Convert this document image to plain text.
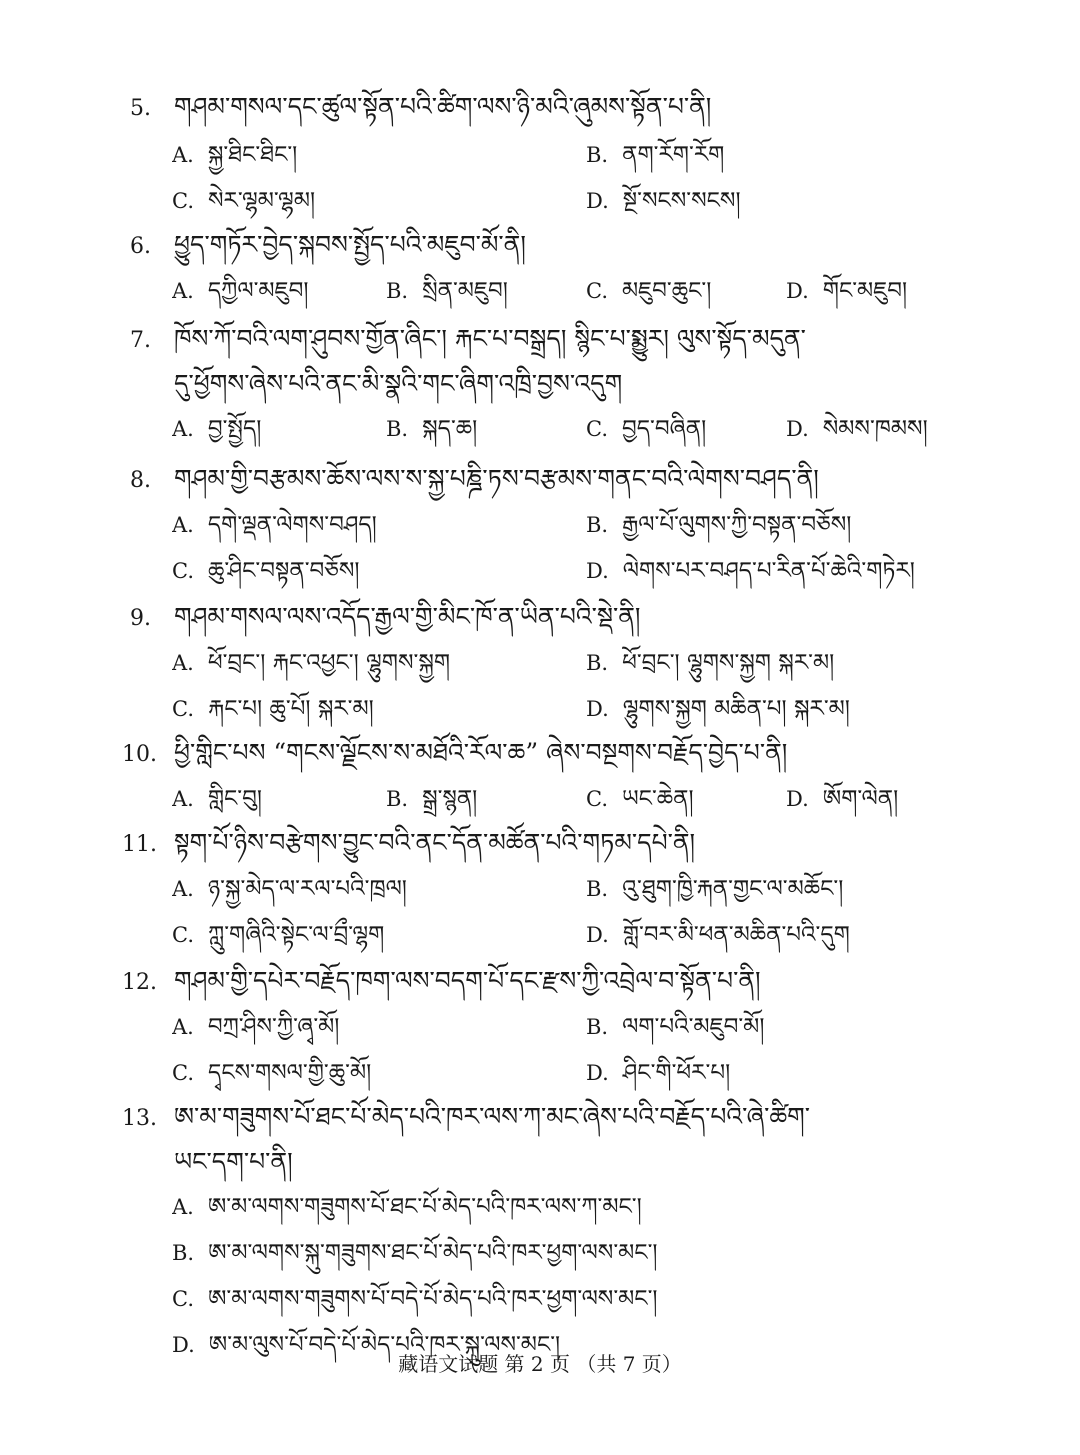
5. གཤམ་གསལ་དང་ཚུལ་སྟོན་པའི་ཚིག་ལས་ཉི་མའི་ཞུམས་སྟོན་པ་ནི།
A. སྐྱ་ཐིང་ཐིང་།	B. ནག་རོག་རོག
C. སེར་ལྷམ་ལྷམ།	D. སྔོ་སངས་སངས།
6. ཕྱུད་གཏོར་བྱེད་སྐབས་སྤྱོད་པའི་མཇུབ་མོ་ནི།
A. དཀྱིལ་མཇུབ།	B. སྲིན་མཇུབ།	C. མཇུབ་ཆུང་།	D. གོང་མཇུབ།
7. ཁོས་ཀོ་བའི་ལག་ཤུབས་གྱོན་ཞིང་། རྐང་པ་བསྒྲད། སྙིང་པ་སྨྱུར། ལུས་སྟོད་མདུན་
དུ་ཕྱོགས་ཞེས་པའི་ནང་མི་སྣའི་གང་ཞིག་འཁྲི་བྱས་འདུག
A. བྱ་སྤྱོད།	B. སྐད་ཆ།	C. བྱད་བཞིན།	D. སེམས་ཁམས།
8. གཤམ་གྱི་བརྩམས་ཆོས་ལས་ས་སྐྱ་པཎྜི་ཏས་བརྩམས་གནང་བའི་ལེགས་བཤད་ནི།
A. དགེ་ལྡན་ལེགས་བཤད།	B. རྒྱལ་པོ་ལུགས་ཀྱི་བསྟན་བཅོས།
C. ཆུ་ཤིང་བསྟན་བཅོས།	D. ལེགས་པར་བཤད་པ་རིན་པོ་ཆེའི་གཏེར།
9. གཤམ་གསལ་ལས་འདོད་རྒྱལ་གྱི་མིང་ཁོ་ན་ཡིན་པའི་སྡེ་ནི།
A. ཕོ་བྲང་། རྐང་འཕྱང་། ལྷུགས་སྐྱག	B. ཕོ་བྲང་། ལྷུགས་སྐྱག སྐར་མ།
C. རྐང་པ། ཆུ་པོ། སྐར་མ།	D. ལྷུགས་སྐྱག མཆིན་པ། སྐར་མ།
10. ཕྱི་གླིང་པས “གངས་ལྗོངས་ས་མཐོའི་རོལ་ཆ” ཞེས་བསྔགས་བརྗོད་བྱེད་པ་ནི།
A. གླིང་བུ།	B. སྒྲ་སྙན།	C. ཡང་ཆེན།	D. ཨོག་ལེན།
11. སྟག་པོ་ཉིས་བརྩེགས་བྱུང་བའི་ནང་དོན་མཚོན་པའི་གཏམ་དཔེ་ནི།
A. ཉ་སྐྱ་མེད་ལ་རལ་པའི་ཁྲལ།	B. འུ་ཐུག་ཁྱི་རྐན་གྱང་ལ་མཆོང་།
C. ཀླུ་གཞིའི་སྟེང་ལ་བྲྀ་ལྷག	D. གློ་བར་མི་ཕན་མཆིན་པའི་དུག
12. གཤམ་གྱི་དཔེར་བརྗོད་ཁག་ལས་བདག་པོ་དང་རྫས་ཀྱི་འབྲེལ་བ་སྟོན་པ་ནི།
A. བཀྲ་ཤིས་ཀྱི་ཞྭ་མོ།	B. ལག་པའི་མཇུབ་མོ།
C. དྭངས་གསལ་གྱི་ཆུ་མོ།	D. ཤིང་གི་ཕོར་པ།
13. ཨ་མ་གཟུགས་པོ་ཐང་པོ་མེད་པའི་ཁར་ལས་ཀ་མང་ཞེས་པའི་བརྗོད་པའི་ཞེ་ཚིག་
ཡང་དག་པ་ནི།
A. ཨ་མ་ལགས་གཟུགས་པོ་ཐང་པོ་མེད་པའི་ཁར་ལས་ཀ་མང་།
B. ཨ་མ་ལགས་སྐུ་གཟུགས་ཐང་པོ་མེད་པའི་ཁར་ཕྱག་ལས་མང་།
C. ཨ་མ་ལགས་གཟུགས་པོ་བདེ་པོ་མེད་པའི་ཁར་ཕྱག་ལས་མང་།
D. ཨ་མ་ལུས་པོ་བདེ་པོ་མེད་པའི་ཁར་སྐུ་ལས་མང་།
藏语文试题 第 2 页 （共 7 页）
